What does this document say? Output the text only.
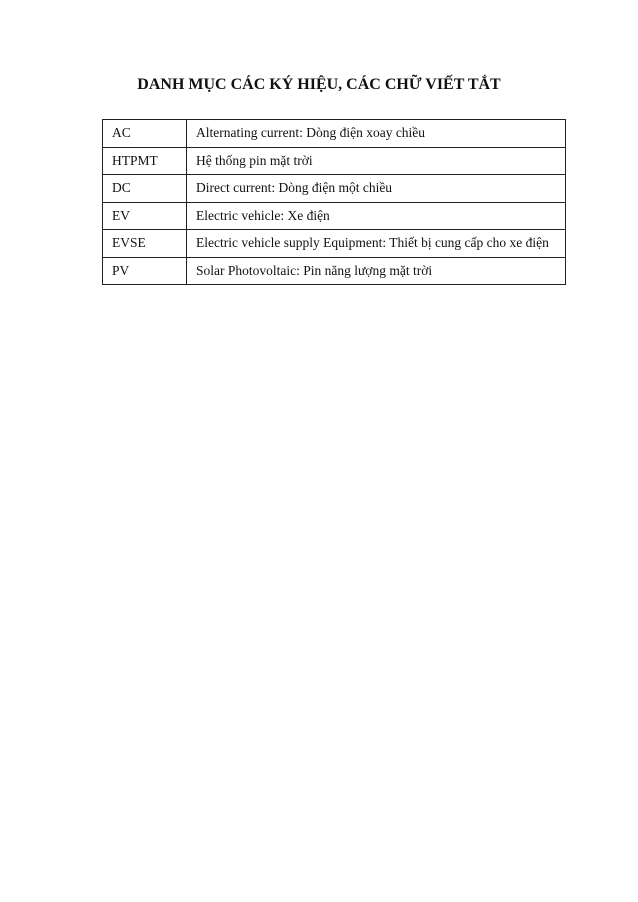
DANH MỤC CÁC KÝ HIỆU, CÁC CHỮ VIẾT TẮT
AC	Alternating current: Dòng điện xoay chiều
HTPMT	Hệ thống pin mặt trời
DC	Direct current: Dòng điện một chiều
EV	Electric vehicle: Xe điện
EVSE	Electric vehicle supply Equipment: Thiết bị cung cấp cho xe điện
PV	Solar Photovoltaic: Pin năng lượng mặt trời
